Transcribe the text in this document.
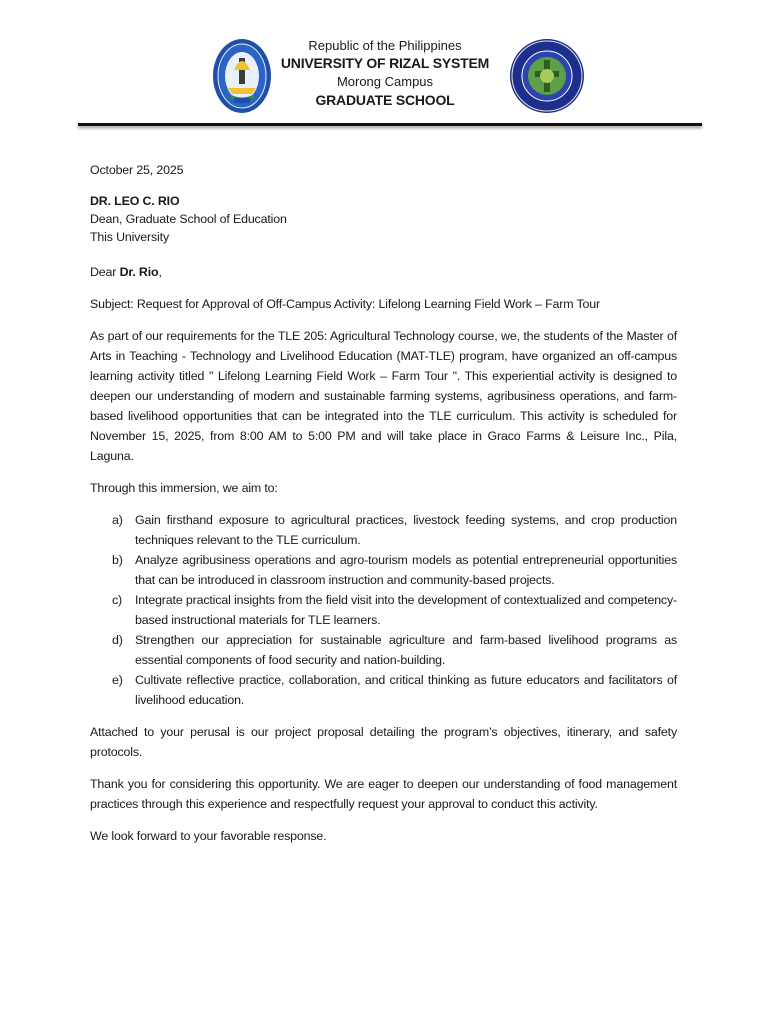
Republic of the Philippines
UNIVERSITY OF RIZAL SYSTEM
Morong Campus
GRADUATE SCHOOL

October 25, 2025

DR. LEO C. RIO

Dean, Graduate School of Education

This University

Dear Dr. Rio,

Subject: Request for Approval of Off-Campus Activity: Lifelong Learning Field Work – Farm Tour

As part of our requirements for the TLE 205: Agricultural Technology course, we, the students of the Master of Arts in Teaching - Technology and Livelihood Education (MAT-TLE) program, have organized an off-campus learning activity titled " Lifelong Learning Field Work – Farm Tour ". This experiential activity is designed to deepen our understanding of modern and sustainable farming systems, agribusiness operations, and farm-based livelihood opportunities that can be integrated into the TLE curriculum. This activity is scheduled for November 15, 2025, from 8:00 AM to 5:00 PM and will take place in Graco Farms & Leisure Inc., Pila, Laguna.

Through this immersion, we aim to:

a) Gain firsthand exposure to agricultural practices, livestock feeding systems, and crop production techniques relevant to the TLE curriculum.
b) Analyze agribusiness operations and agro-tourism models as potential entrepreneurial opportunities that can be introduced in classroom instruction and community-based projects.
c) Integrate practical insights from the field visit into the development of contextualized and competency-based instructional materials for TLE learners.
d) Strengthen our appreciation for sustainable agriculture and farm-based livelihood programs as essential components of food security and nation-building.
e) Cultivate reflective practice, collaboration, and critical thinking as future educators and facilitators of livelihood education.

Attached to your perusal is our project proposal detailing the program’s objectives, itinerary, and safety protocols.

Thank you for considering this opportunity. We are eager to deepen our understanding of food management practices through this experience and respectfully request your approval to conduct this activity.

We look forward to your favorable response.
